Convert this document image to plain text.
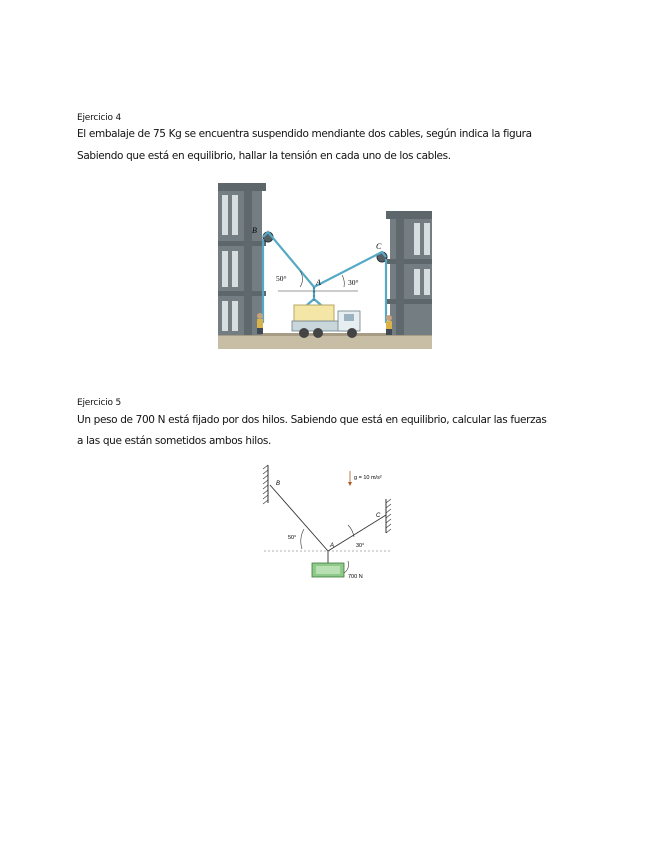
Ejercicio 4
El embalaje de 75 Kg se encuentra suspendido mendiante dos cables, según indica la figura
Sabiendo que está en equilibrio, hallar la tensión en cada uno de los cables.
B
C
A
50°	30°
Ejercicio 5
Un peso de 700 N está fijado por dos hilos. Sabiendo que está en equilibrio, calcular las fuerzas
a las que están sometidos ambos hilos.
B
C
A
50°
30°
g = 10 m/s²
700 N
